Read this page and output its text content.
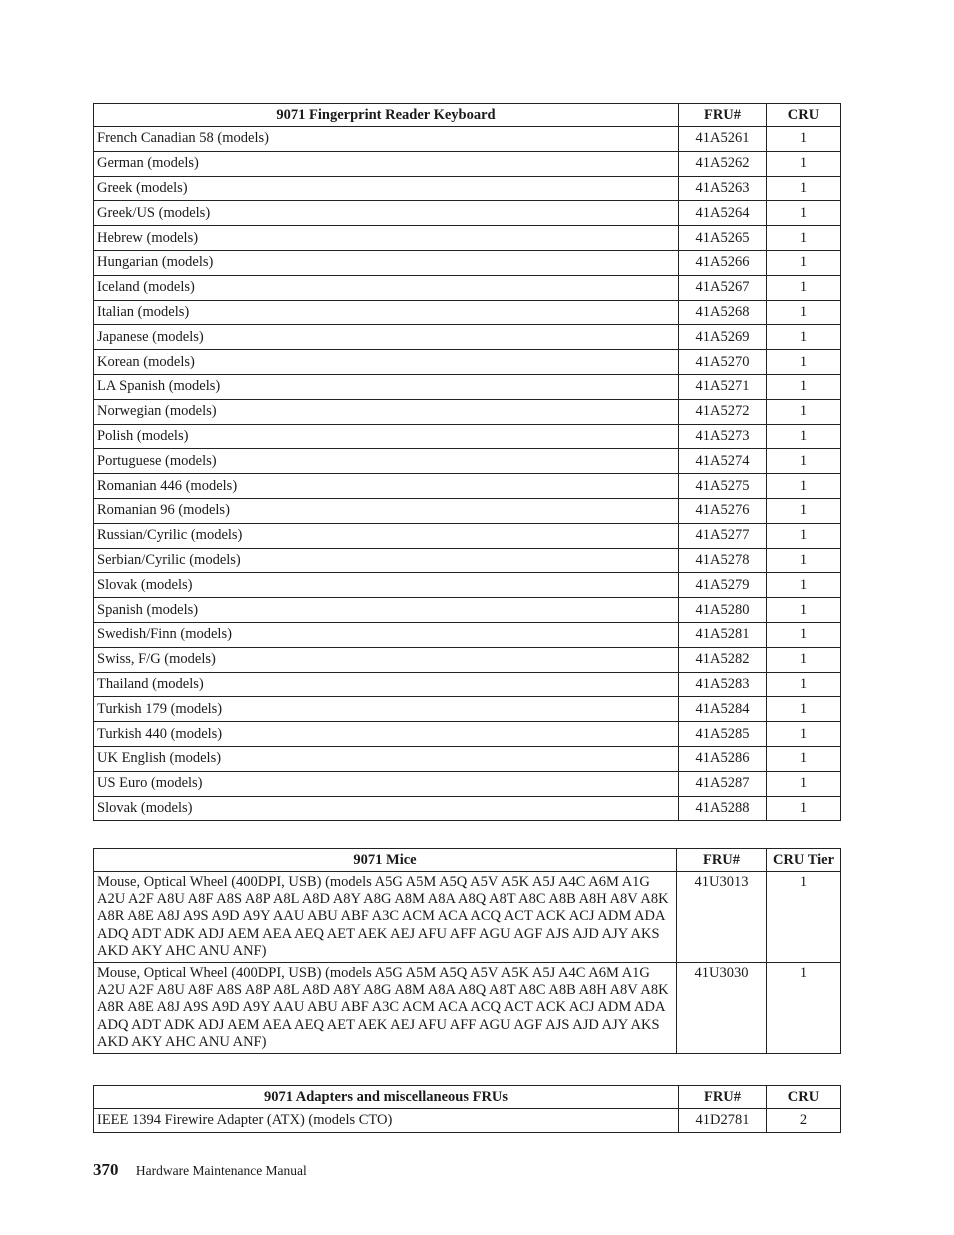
9071 Fingerprint Reader Keyboard	FRU#	CRU
French Canadian 58 (models)	41A5261	1
German (models)	41A5262	1
Greek (models)	41A5263	1
Greek/US (models)	41A5264	1
Hebrew (models)	41A5265	1
Hungarian (models)	41A5266	1
Iceland (models)	41A5267	1
Italian (models)	41A5268	1
Japanese (models)	41A5269	1
Korean (models)	41A5270	1
LA Spanish (models)	41A5271	1
Norwegian (models)	41A5272	1
Polish (models)	41A5273	1
Portuguese (models)	41A5274	1
Romanian 446 (models)	41A5275	1
Romanian 96 (models)	41A5276	1
Russian/Cyrilic (models)	41A5277	1
Serbian/Cyrilic (models)	41A5278	1
Slovak (models)	41A5279	1
Spanish (models)	41A5280	1
Swedish/Finn (models)	41A5281	1
Swiss, F/G (models)	41A5282	1
Thailand (models)	41A5283	1
Turkish 179 (models)	41A5284	1
Turkish 440 (models)	41A5285	1
UK English (models)	41A5286	1
US Euro (models)	41A5287	1
Slovak (models)	41A5288	1
9071 Mice	FRU#	CRU Tier
Mouse, Optical Wheel (400DPI, USB) (models A5G A5M A5Q A5V A5K A5J A4C A6M A1G A2U A2F A8U A8F A8S A8P A8L A8D A8Y A8G A8M A8A A8Q A8T A8C A8B A8H A8V A8K A8R A8E A8J A9S A9D A9Y AAU ABU ABF A3C ACM ACA ACQ ACT ACK ACJ ADM ADA ADQ ADT ADK ADJ AEM AEA AEQ AET AEK AEJ AFU AFF AGU AGF AJS AJD AJY AKS AKD AKY AHC ANU ANF)	41U3013	1
Mouse, Optical Wheel (400DPI, USB) (models A5G A5M A5Q A5V A5K A5J A4C A6M A1G A2U A2F A8U A8F A8S A8P A8L A8D A8Y A8G A8M A8A A8Q A8T A8C A8B A8H A8V A8K A8R A8E A8J A9S A9D A9Y AAU ABU ABF A3C ACM ACA ACQ ACT ACK ACJ ADM ADA ADQ ADT ADK ADJ AEM AEA AEQ AET AEK AEJ AFU AFF AGU AGF AJS AJD AJY AKS AKD AKY AHC ANU ANF)	41U3030	1
9071 Adapters and miscellaneous FRUs	FRU#	CRU
IEEE 1394 Firewire Adapter (ATX) (models CTO)	41D2781	2
370 Hardware Maintenance Manual
